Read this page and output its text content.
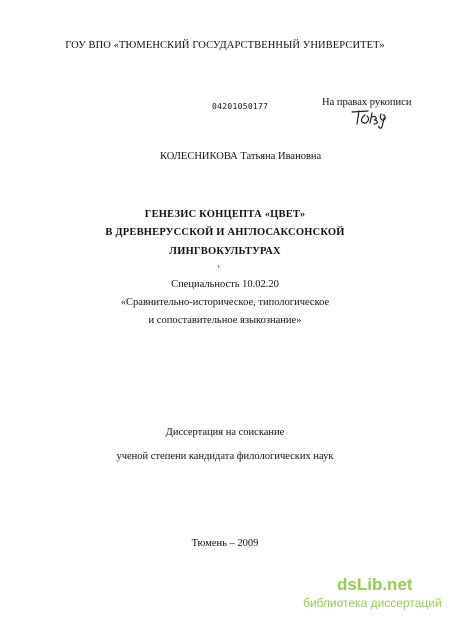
ГОУ ВПО «ТЮМЕНСКИЙ ГОСУДАРСТВЕННЫЙ УНИВЕРСИТЕТ»
04201050177	На правах рукописи
КОЛЕСНИКОВА Татьяна Ивановна
ГЕНЕЗИС КОНЦЕПТА «ЦВЕТ»
В ДРЕВНЕРУССКОЙ И АНГЛОСАКСОНСКОЙ
ЛИНГВОКУЛЬТУРАХ
Специальность 10.02.20
«Сравнительно-историческое, типологическое
и сопоставительное языкознание»
Диссертация на соискание
ученой степени кандидата филологических наук
Тюмень – 2009
dsLib.net
библиотека диссертаций
